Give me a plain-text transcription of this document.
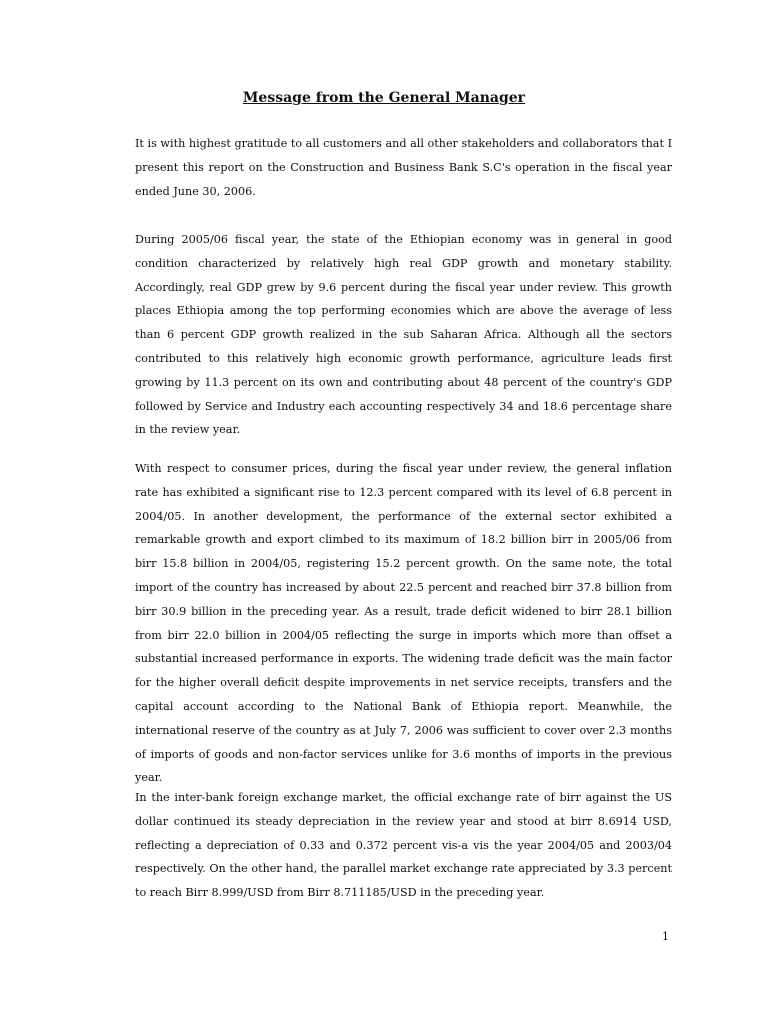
Message from the General Manager

It is with highest gratitude to all customers and all other stakeholders and collaborators that I present this report on the Construction and Business Bank S.C's operation in the fiscal year ended June 30, 2006.

During 2005/06 fiscal year, the state of the Ethiopian economy was in general in good condition characterized by relatively high real GDP growth and monetary stability. Accordingly, real GDP grew by 9.6 percent during the fiscal year under review. This growth places Ethiopia among the top performing economies which are above the average of less than 6 percent GDP growth realized in the sub Saharan Africa. Although all the sectors contributed to this relatively high economic growth performance, agriculture leads first growing by 11.3 percent on its own and contributing about 48 percent of the country's GDP followed by Service and Industry each accounting respectively 34 and 18.6 percentage share in the review year.

With respect to consumer prices, during the fiscal year under review, the general inflation rate has exhibited a significant rise to 12.3 percent compared with its level of 6.8 percent in 2004/05. In another development, the performance of the external sector exhibited a remarkable growth and export climbed to its maximum of 18.2 billion birr in 2005/06 from birr 15.8 billion in 2004/05, registering 15.2 percent growth. On the same note, the total import of the country has increased by about 22.5 percent and reached birr 37.8 billion from birr 30.9 billion in the preceding year. As a result, trade deficit widened to birr 28.1 billion from birr 22.0 billion in 2004/05 reflecting the surge in imports which more than offset a substantial increased performance in exports. The widening trade deficit was the main factor for the higher overall deficit despite improvements in net service receipts, transfers and the capital account according to the National Bank of Ethiopia report. Meanwhile, the international reserve of the country as at July 7, 2006 was sufficient to cover over 2.3 months of imports of goods and non-factor services unlike for 3.6 months of imports in the previous year.

In the inter-bank foreign exchange market, the official exchange rate of birr against the US dollar continued its steady depreciation in the review year and stood at birr 8.6914 USD, reflecting a depreciation of 0.33 and 0.372 percent vis-a vis the year 2004/05 and 2003/04 respectively. On the other hand, the parallel market exchange rate appreciated by 3.3 percent to reach Birr 8.999/USD from Birr 8.711185/USD in the preceding year.

1
